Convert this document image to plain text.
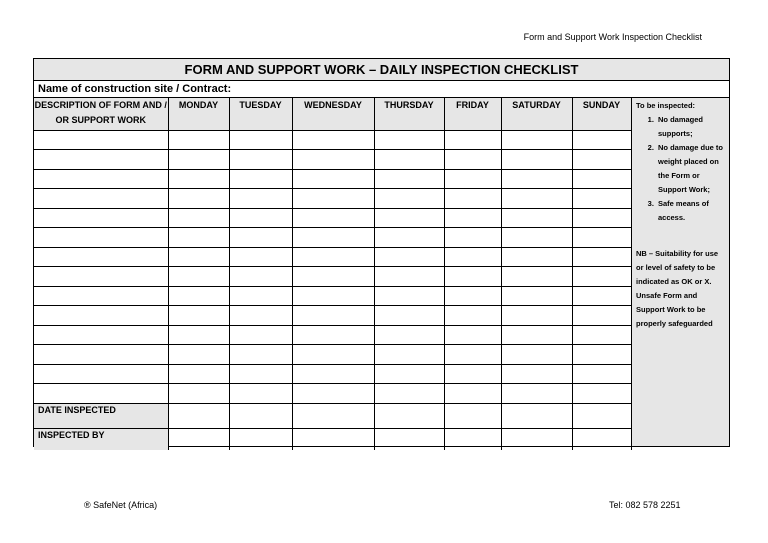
Form and Support Work Inspection Checklist
FORM AND SUPPORT WORK – DAILY INSPECTION CHECKLIST
Name of construction site / Contract:
DESCRIPTION OF FORM AND / OR SUPPORT WORK	MONDAY	TUESDAY	WEDNESDAY	THURSDAY	FRIDAY	SATURDAY	SUNDAY

DATE INSPECTED							
INSPECTED BY							
To be inspected:
1. No damaged supports;
2. No damage due to weight placed on the Form or Support Work;
3. Safe means of access.
NB – Suitability for use or level of safety to be indicated as OK or X. Unsafe Form and Support Work to be properly safeguarded
® SafeNet (Africa)	Tel: 082 578 2251
